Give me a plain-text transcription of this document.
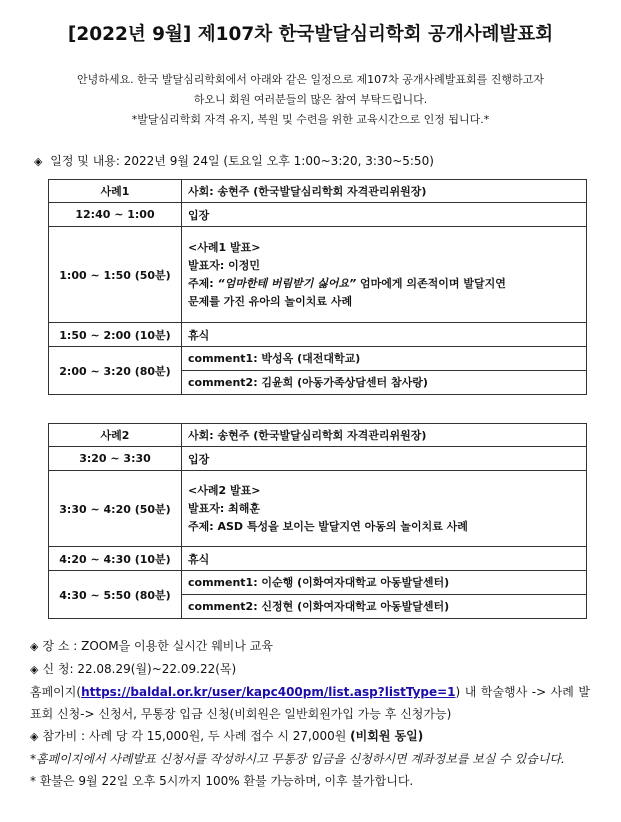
[2022년 9월] 제107차 한국발달심리학회 공개사례발표회
안녕하세요. 한국 발달심리학회에서 아래와 같은 일정으로 제107차 공개사례발표회를 진행하고자
하오니 회원 여러분들의 많은 참여 부탁드립니다.
*발달심리학회 자격 유지, 복원 및 수련을 위한 교육시간으로 인정 됩니다.*
◈ 일정 및 내용: 2022년 9월 24일 (토요일 오후 1:00~3:20, 3:30~5:50)
사례1	사회: 송현주 (한국발달심리학회 자격관리위원장)
12:40 ~ 1:00	입장
1:00 ~ 1:50 (50분)	<사례1 발표>
발표자: 이정민
주제: “엄마한테 버림받기 싫어요” 엄마에게 의존적이며 발달지연
문제를 가진 유아의 놀이치료 사례

1:50 ~ 2:00 (10분)	휴식
2:00 ~ 3:20 (80분)	comment1: 박성옥 (대전대학교)
comment2: 김윤희 (아동가족상담센터 참사랑)
사례2	사회: 송현주 (한국발달심리학회 자격관리위원장)
3:20 ~ 3:30	입장
3:30 ~ 4:20 (50분)	<사례2 발표>
발표자: 최해훈
주제: ASD 특성을 보이는 발달지연 아동의 놀이치료 사례

4:20 ~ 4:30 (10분)	휴식
4:30 ~ 5:50 (80분)	comment1: 이순행 (이화여자대학교 아동발달센터)
comment2: 신정현 (이화여자대학교 아동발달센터)
◈ 장 소 : ZOOM을 이용한 실시간 웨비나 교육
◈ 신 청: 22.08.29(월)~22.09.22(목)
홈페이지(https://baldal.or.kr/user/kapc400pm/list.asp?listType=1) 내 학술행사 -> 사례 발표회 신청-> 신청서, 무통장 입금 신청(비회원은 일반회원가입 가능 후 신청가능)
◈ 참가비 : 사례 당 각 15,000원, 두 사례 접수 시 27,000원 (비회원 동일)
*홈페이지에서 사례발표 신청서를 작성하시고 무통장 입금을 신청하시면 계좌정보를 보실 수 있습니다.
* 환불은 9월 22일 오후 5시까지 100% 환불 가능하며, 이후 불가합니다.
